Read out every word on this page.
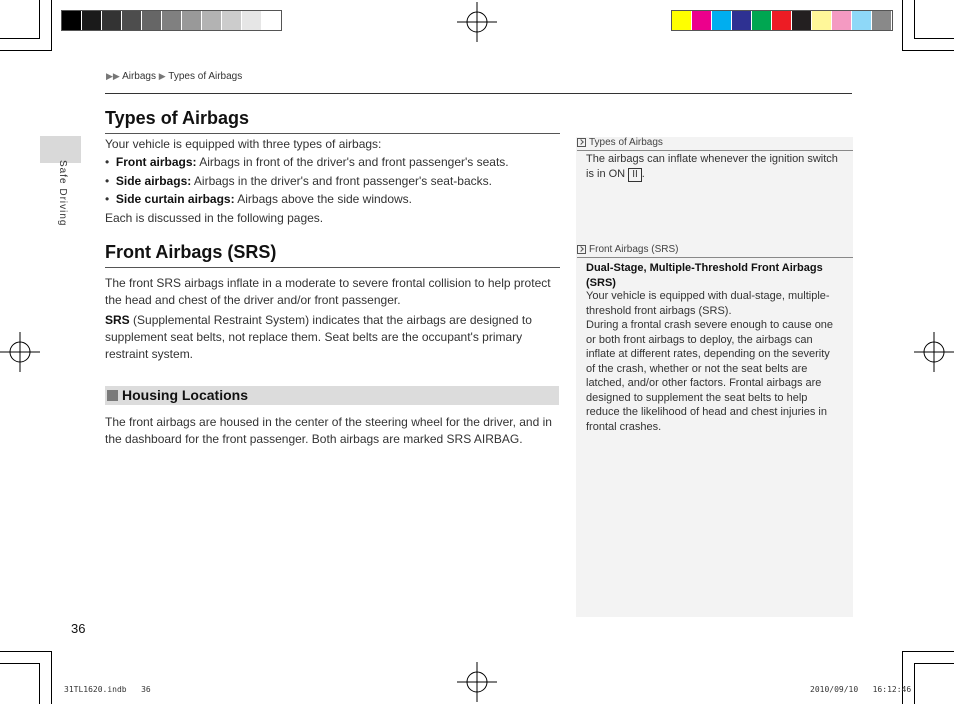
▶▶ Airbags ▶ Types of Airbags
Safe Driving
Types of Airbags
Your vehicle is equipped with three types of airbags:
•  Front airbags: Airbags in front of the driver's and front passenger's seats.
•  Side airbags: Airbags in the driver's and front passenger's seat-backs.
•  Side curtain airbags: Airbags above the side windows.
Each is discussed in the following pages.
Front Airbags (SRS)
The front SRS airbags inflate in a moderate to severe frontal collision to help protect the head and chest of the driver and/or front passenger.
SRS (Supplemental Restraint System) indicates that the airbags are designed to supplement seat belts, not replace them. Seat belts are the occupant's primary restraint system.
Housing Locations
The front airbags are housed in the center of the steering wheel for the driver, and in the dashboard for the front passenger. Both airbags are marked SRS AIRBAG.
Types of Airbags
The airbags can inflate whenever the ignition switch is in ON II .
Front Airbags (SRS)
Dual-Stage, Multiple-Threshold Front Airbags (SRS)
Your vehicle is equipped with dual-stage, multiple-threshold front airbags (SRS).
During a frontal crash severe enough to cause one or both front airbags to deploy, the airbags can inflate at different rates, depending on the severity of the crash, whether or not the seat belts are latched, and/or other factors. Frontal airbags are designed to supplement the seat belts to help reduce the likelihood of head and chest injuries in frontal crashes.
36
31TL1620.indb   36	2010/09/10   16:12:46
